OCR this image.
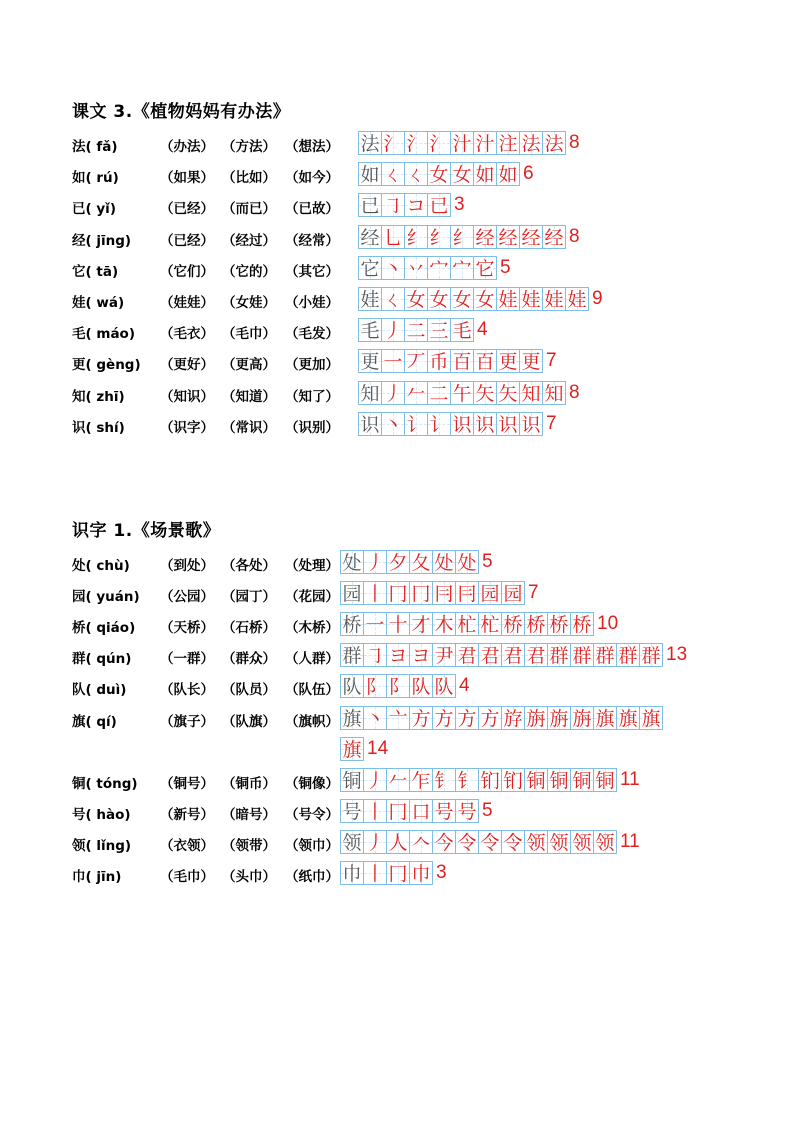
课文 3.《植物妈妈有办法》
法( fǎ)	（办法） （方法） （想法） 法 氵 氵 氵 汁 汁 注 法 法 8
如( rú)	（如果） （比如） （如今） 如 ㄑ ㄑ 女 女 如 如 6
已( yǐ)	（已经） （而已） （已故） 已 ㇆ コ 已 3
经( jīng) （已经） （经过） （经常） 经 乚 纟 纟 纟 经 经 经 经 8
它( tā)	（它们） （它的） （其它） 它 丶 丷 宀 宀 它 5
娃( wá)	（娃娃） （女娃） （小娃） 娃 ㄑ 女 女 女 女 娃 娃 娃 娃 9
毛( máo) （毛衣） （毛巾） （毛发） 毛 丿 二 三 毛 4
更( gèng) （更好） （更高） （更加） 更 一 丆 币 百 百 更 更 7
知( zhī)	（知识） （知道） （知了） 知 丿 𠂉 二 午 矢 矢 知 知 8
识( shí)	（识字） （常识） （识别） 识 丶 讠 讠 识 识 识 识 7
识字 1.《场景歌》
处( chù) （到处） （各处） （处理） 处 丿 夕 夂 处 处 5
园( yuán) （公园） （园丁） （花园） 园 丨 冂 冂 冃 冃 园 园 7
桥( qiáo) （天桥） （石桥） （木桥） 桥 一 十 才 木 杧 杧 桥 桥 桥 桥 10
群( qún) （一群） （群众） （人群） 群 ㇆ ヨ ヨ 尹 君 君 君 君 群 群 群 群 群 13
队( duì) （队长） （队员） （队伍） 队 阝 阝 队 队 4
旗( qí)	（旗子） （队旗） （旗帜） 旗 丶 亠 方 方 方 方 斿 旃 旃 旃 旗 旗 旗
旗 14
铜( tóng) （铜号） （铜币） （铜像） 铜 丿 𠂉 乍 钅 钅 钔 钔 铜 铜 铜 铜 11
号( hào) （新号） （暗号） （号令） 号 丨 冂 口 号 号 5
领( lǐng) （衣领） （领带） （领巾） 领 丿 人 𠆢 今 令 令 令 领 领 领 领 11
巾( jīn)	（毛巾） （头巾） （纸巾） 巾 丨 冂 巾 3
